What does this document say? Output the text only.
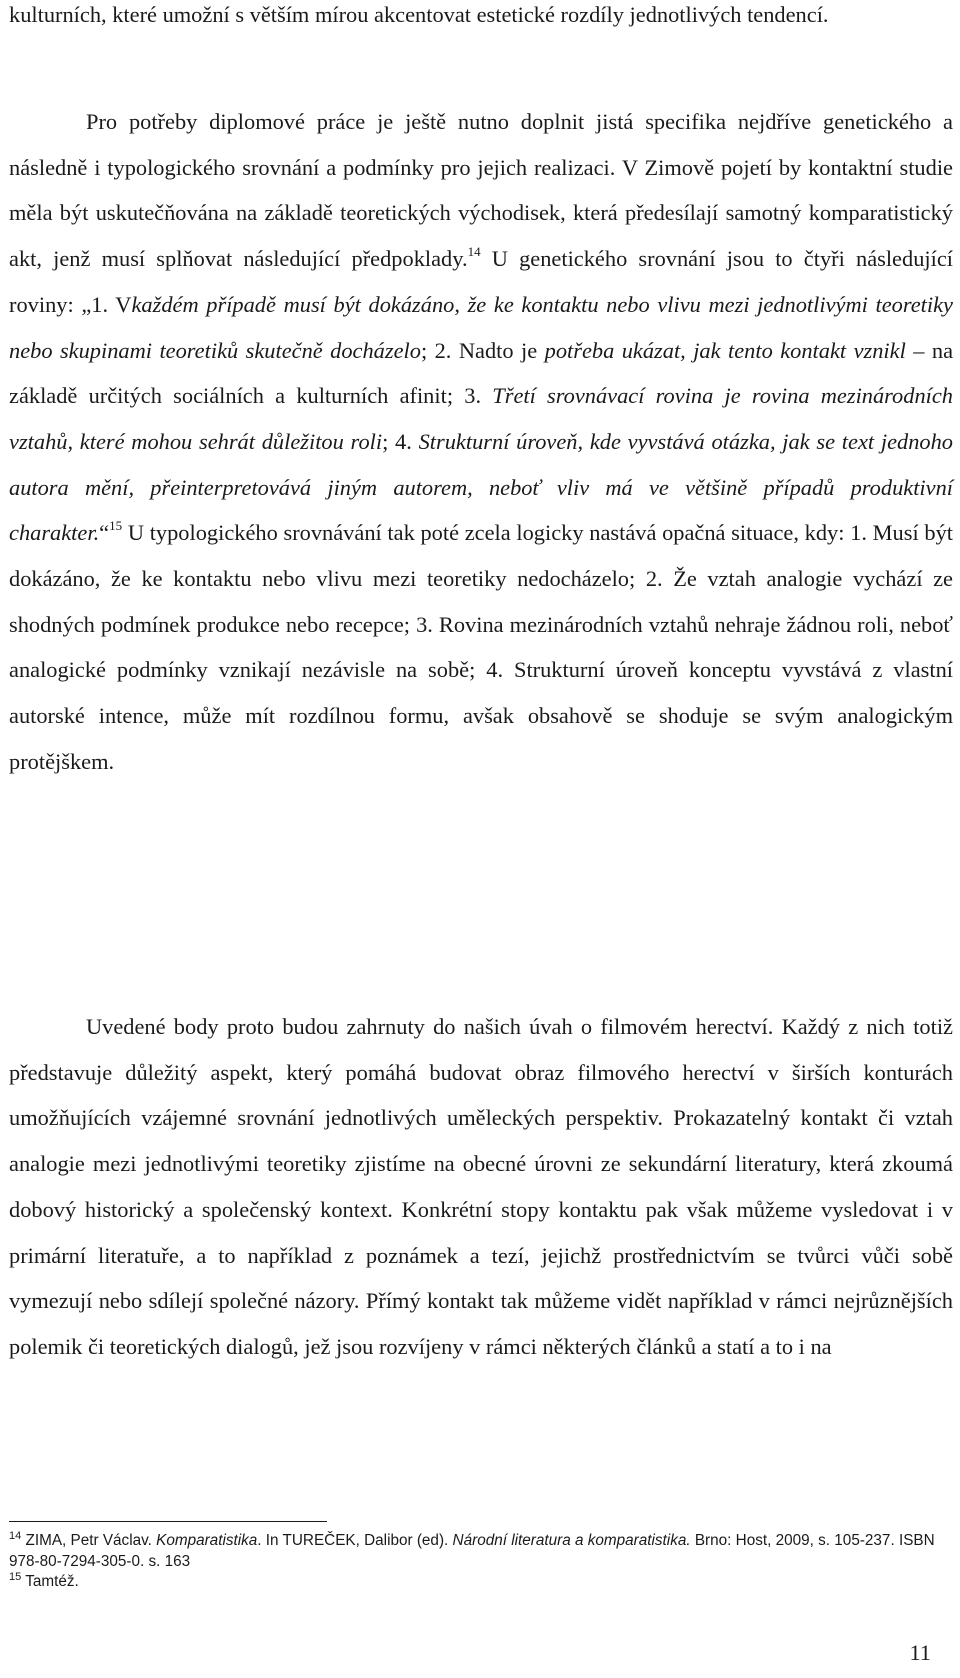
kulturních, které umožní s větším mírou akcentovat estetické rozdíly jednotlivých tendencí.

Pro potřeby diplomové práce je ještě nutno doplnit jistá specifika nejdříve genetického a následně i typologického srovnání a podmínky pro jejich realizaci. V Zimově pojetí by kontaktní studie měla být uskutečňována na základě teoretických východisek, která předesílají samotný komparatistický akt, jenž musí splňovat následující předpoklady.$^{14}$ U genetického srovnání jsou to čtyři následující roviny: „1. Vkaždém případě musí být dokázáno, že ke kontaktu nebo vlivu mezi jednotlivými teoretiky nebo skupinami teoretiků skutečně docházelo; 2. Nadto je potřeba ukázat, jak tento kontakt vznikl – na základě určitých sociálních a kulturních afinit; 3. Třetí srovnávací rovina je rovina mezinárodních vztahů, které mohou sehrát důležitou roli; 4. Strukturní úroveň, kde vyvstává otázka, jak se text jednoho autora mění, přeinterpretovává jiným autorem, neboť vliv má ve většině případů produktivní charakter.“$^{15}$ U typologického srovnávání tak poté zcela logicky nastává opačná situace, kdy: 1. Musí být dokázáno, že ke kontaktu nebo vlivu mezi teoretiky nedocházelo; 2. Že vztah analogie vychází ze shodných podmínek produkce nebo recepce; 3. Rovina mezinárodních vztahů nehraje žádnou roli, neboť analogické podmínky vznikají nezávisle na sobě; 4. Strukturní úroveň konceptu vyvstává z vlastní autorské intence, může mít rozdílnou formu, avšak obsahově se shoduje se svým analogickým protějškem.

Uvedené body proto budou zahrnuty do našich úvah o filmovém herectví. Každý z nich totiž představuje důležitý aspekt, který pomáhá budovat obraz filmového herectví v širších konturách umožňujících vzájemné srovnání jednotlivých uměleckých perspektiv. Prokazatelný kontakt či vztah analogie mezi jednotlivými teoretiky zjistíme na obecné úrovni ze sekundární literatury, která zkoumá dobový historický a společenský kontext. Konkrétní stopy kontaktu pak však můžeme vysledovat i v primární literatuře, a to například z poznámek a tezí, jejichž prostřednictvím se tvůrci vůči sobě vymezují nebo sdílejí společné názory. Přímý kontakt tak můžeme vidět například v rámci nejrůznějších polemik či teoretických dialogů, jež jsou rozvíjeny v rámci některých článků a statí a to i na

$^{14}$ ZIMA, Petr Václav. Komparatistika. In TUREČEK, Dalibor (ed). Národní literatura a komparatistika. Brno: Host, 2009, s. 105-237. ISBN 978-80-7294-305-0. s. 163

$^{15}$ Tamtéž.

11
